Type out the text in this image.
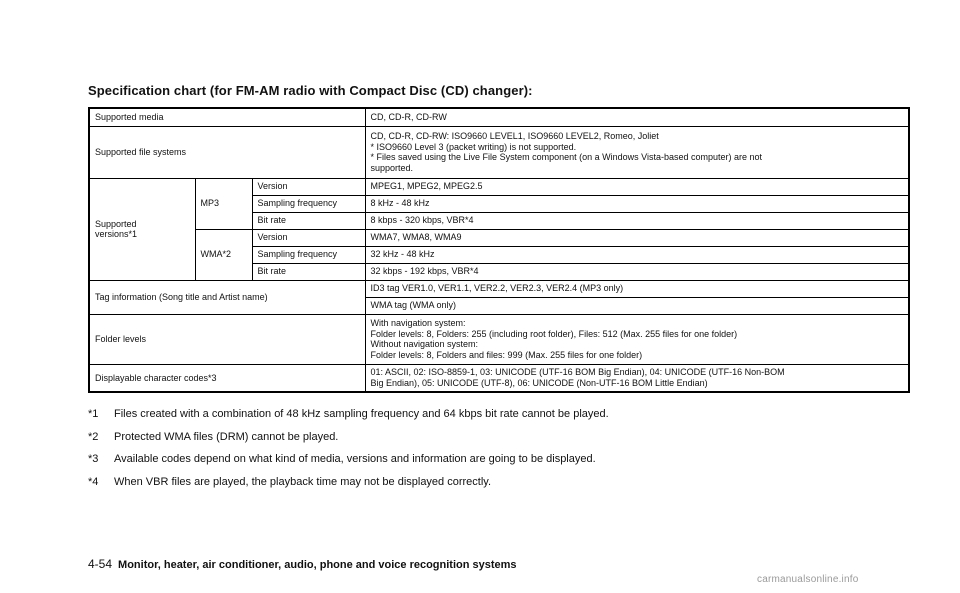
Specification chart (for FM-AM radio with Compact Disc (CD) changer):
Supported media			CD, CD-R, CD-RW
Supported file systems			CD, CD-R, CD-RW: ISO9660 LEVEL1, ISO9660 LEVEL2, Romeo, Joliet
* ISO9660 Level 3 (packet writing) is not supported.
* Files saved using the Live File System component (on a Windows Vista-based computer) are not
supported.

Supported
versions*1	MP3	Version	MPEG1, MPEG2, MPEG2.5
		Sampling frequency	8 kHz - 48 kHz
		Bit rate	8 kbps - 320 kbps, VBR*4
	WMA*2	Version	WMA7, WMA8, WMA9
		Sampling frequency	32 kHz - 48 kHz
		Bit rate	32 kbps - 192 kbps, VBR*4
Tag information (Song title and Artist name)			ID3 tag VER1.0, VER1.1, VER2.2, VER2.3, VER2.4 (MP3 only)
			WMA tag (WMA only)
Folder levels			With navigation system:
Folder levels: 8, Folders: 255 (including root folder), Files: 512 (Max. 255 files for one folder)
Without navigation system:
Folder levels: 8, Folders and files: 999 (Max. 255 files for one folder)

Displayable character codes*3			01: ASCII, 02: ISO-8859-1, 03: UNICODE (UTF-16 BOM Big Endian), 04: UNICODE (UTF-16 Non-BOM
Big Endian), 05: UNICODE (UTF-8), 06: UNICODE (Non-UTF-16 BOM Little Endian)
*1	Files created with a combination of 48 kHz sampling frequency and 64 kbps bit rate cannot be played.
*2	Protected WMA files (DRM) cannot be played.
*3	Available codes depend on what kind of media, versions and information are going to be displayed.
*4	When VBR files are played, the playback time may not be displayed correctly.
4-54 Monitor, heater, air conditioner, audio, phone and voice recognition systems
carmanualsonline.info
